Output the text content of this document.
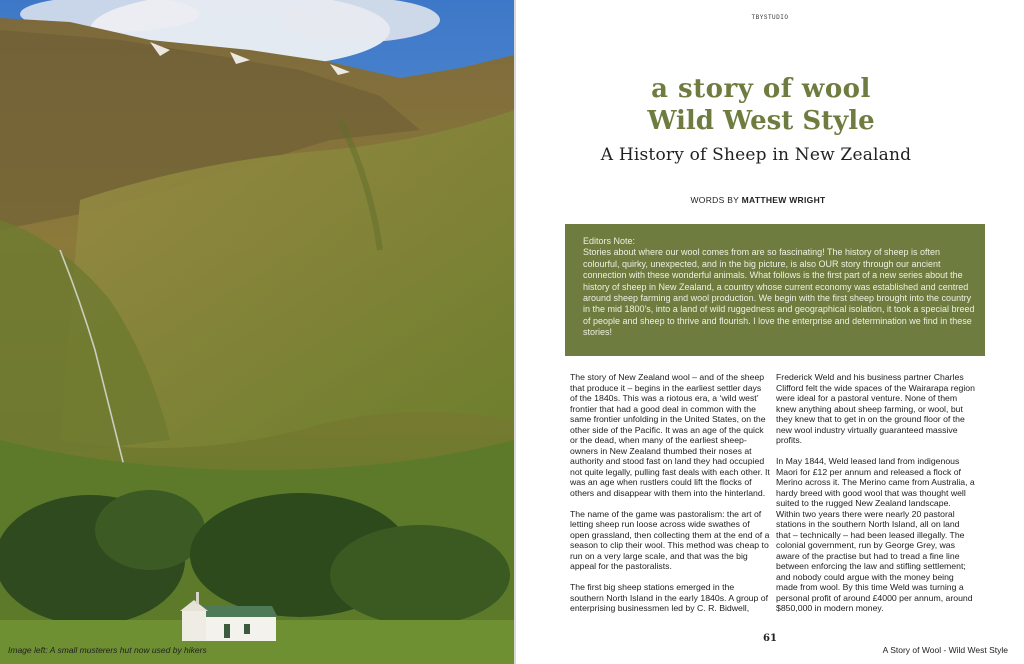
TBYSTUDIO
a story of wool
Wild West Style
A History of Sheep in New Zealand
WORDS BY MATTHEW WRIGHT

Editors Note:

Stories about where our wool comes from are so fascinating! The history of sheep is often colourful, quirky, unexpected, and in the big picture, is also OUR story through our ancient connection with these wonderful animals. What follows is the first part of a new series about the history of sheep in New Zealand, a country whose current economy was established and centred around sheep farming and wool production. We begin with the first sheep brought into the country in the mid 1800's, into a land of wild ruggedness and geographical isolation, it took a special breed of people and sheep to thrive and flourish. I love the enterprise and determination we find in these stories!

The story of New Zealand wool – and of the sheep that produce it – begins in the earliest settler days of the 1840s. This was a riotous era, a ‘wild west’ frontier that had a good deal in common with the same frontier unfolding in the United States, on the other side of the Pacific. It was an age of the quick or the dead, when many of the earliest sheep-owners in New Zealand thumbed their noses at authority and stood fast on land they had occupied not quite legally, pulling fast deals with each other. It was an age when rustlers could lift the flocks of others and disappear with them into the hinterland.

The name of the game was pastoralism: the art of letting sheep run loose across wide swathes of open grassland, then collecting them at the end of a season to clip their wool. This method was cheap to run on a very large scale, and that was the big appeal for the pastoralists.

The first big sheep stations emerged in the southern North Island in the early 1840s. A group of enterprising businessmen led by C. R. Bidwell,

Frederick Weld and his business partner Charles Clifford felt the wide spaces of the Wairarapa region were ideal for a pastoral venture. None of them knew anything about sheep farming, or wool, but they knew that to get in on the ground floor of the new wool industry virtually guaranteed massive profits.

In May 1844, Weld leased land from indigenous Maori for £12 per annum and released a flock of Merino across it. The Merino came from Australia, a hardy breed with good wool that was thought well suited to the rugged New Zealand landscape. Within two years there were nearly 20 pastoral stations in the southern North Island, all on land that – technically – had been leased illegally. The colonial government, run by George Grey, was aware of the practise but had to tread a fine line between enforcing the law and stifling settlement; and nobody could argue with the money being made from wool. By this time Weld was turning a personal profit of around £4000 per annum, around $850,000 in modern money.

61
A Story of Wool - Wild West Style
Image left: A small musterers hut now used by hikers
